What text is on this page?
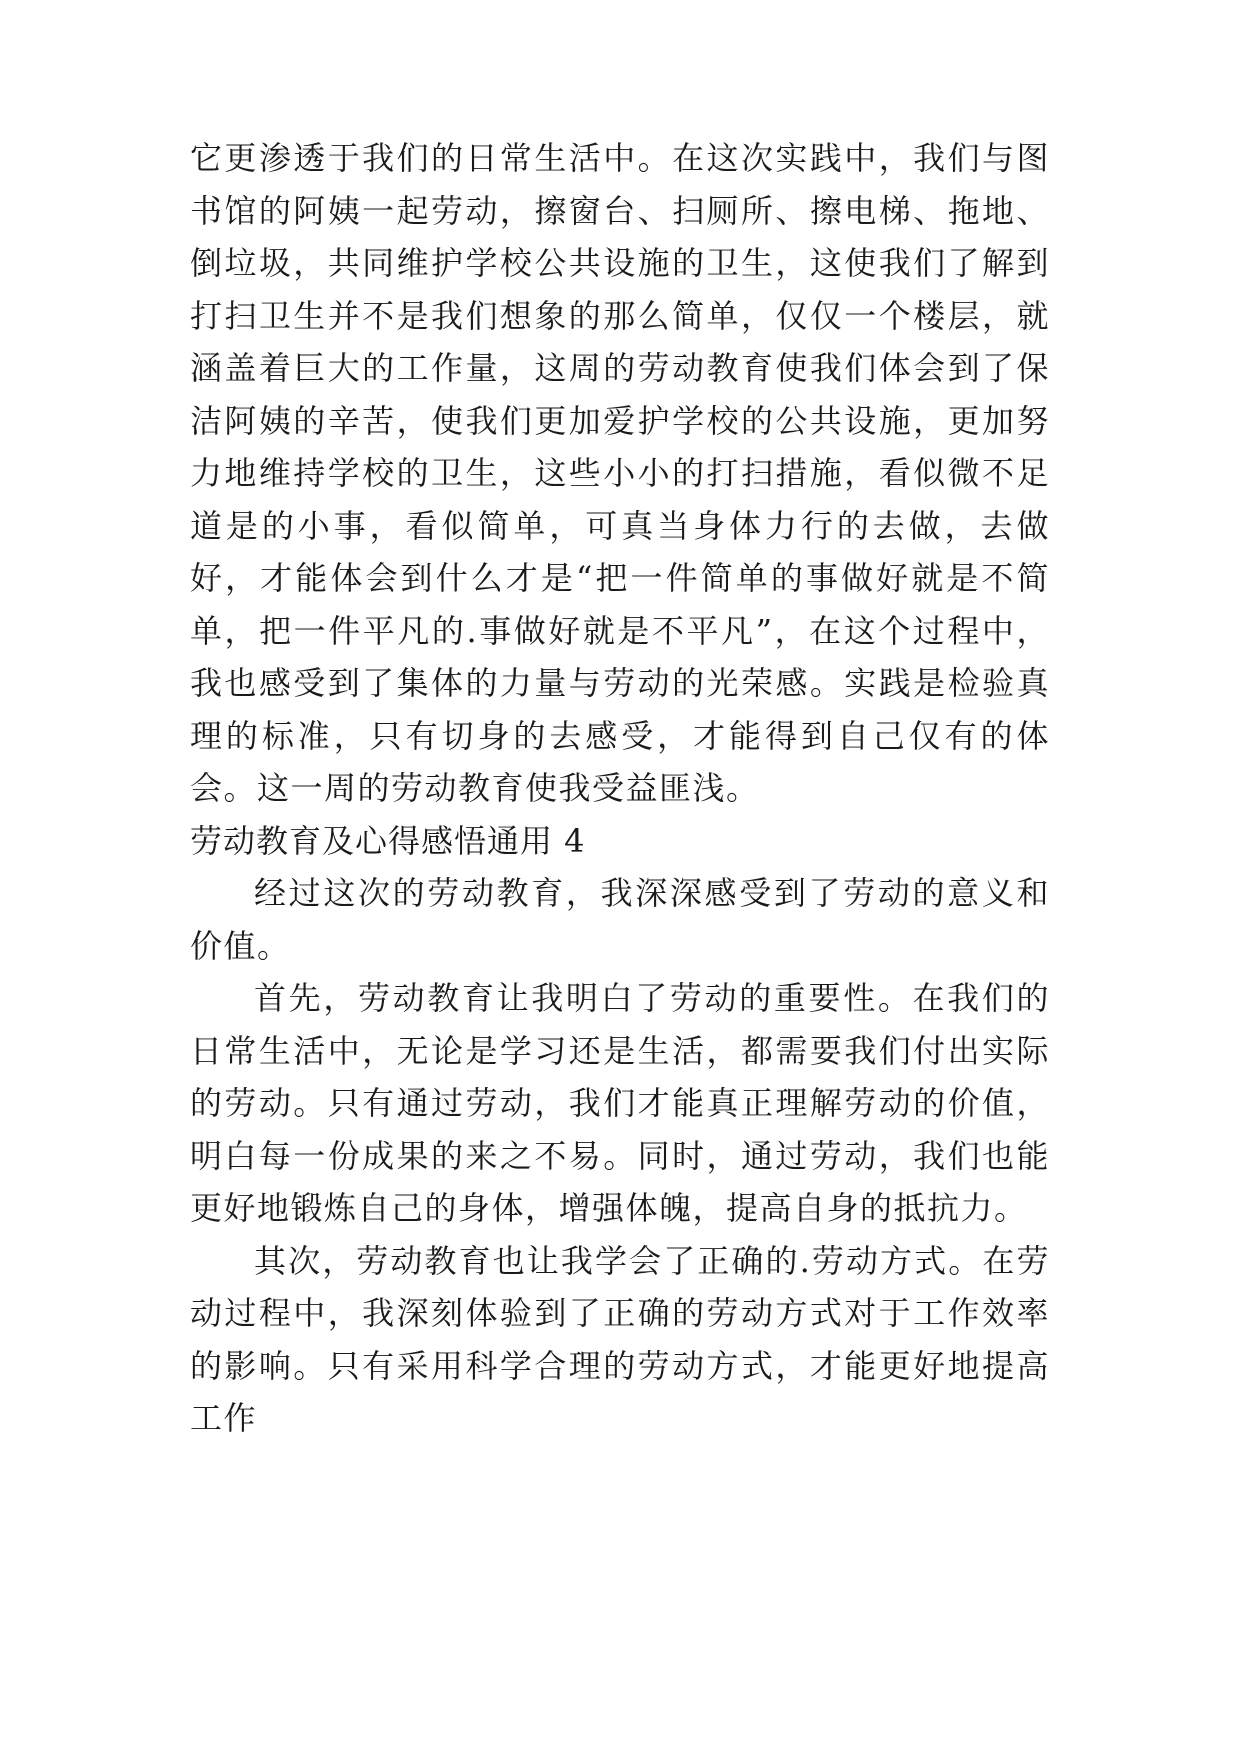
它更渗透于我们的日常生活中。在这次实践中，我们与图书馆的阿姨一起劳动，擦窗台、扫厕所、擦电梯、拖地、倒垃圾，共同维护学校公共设施的卫生，这使我们了解到打扫卫生并不是我们想象的那么简单，仅仅一个楼层，就涵盖着巨大的工作量，这周的劳动教育使我们体会到了保洁阿姨的辛苦，使我们更加爱护学校的公共设施，更加努力地维持学校的卫生，这些小小的打扫措施，看似微不足道是的小事，看似简单，可真当身体力行的去做，去做好，才能体会到什么才是“把一件简单的事做好就是不简单，把一件平凡的.事做好就是不平凡”，在这个过程中，我也感受到了集体的力量与劳动的光荣感。实践是检验真理的标准，只有切身的去感受，才能得到自己仅有的体会。这一周的劳动教育使我受益匪浅。

劳动教育及心得感悟通用 4

经过这次的劳动教育，我深深感受到了劳动的意义和价值。

首先，劳动教育让我明白了劳动的重要性。在我们的日常生活中，无论是学习还是生活，都需要我们付出实际的劳动。只有通过劳动，我们才能真正理解劳动的价值，明白每一份成果的来之不易。同时，通过劳动，我们也能更好地锻炼自己的身体，增强体魄，提高自身的抵抗力。

其次，劳动教育也让我学会了正确的.劳动方式。在劳动过程中，我深刻体验到了正确的劳动方式对于工作效率的影响。只有采用科学合理的劳动方式，才能更好地提高工作
